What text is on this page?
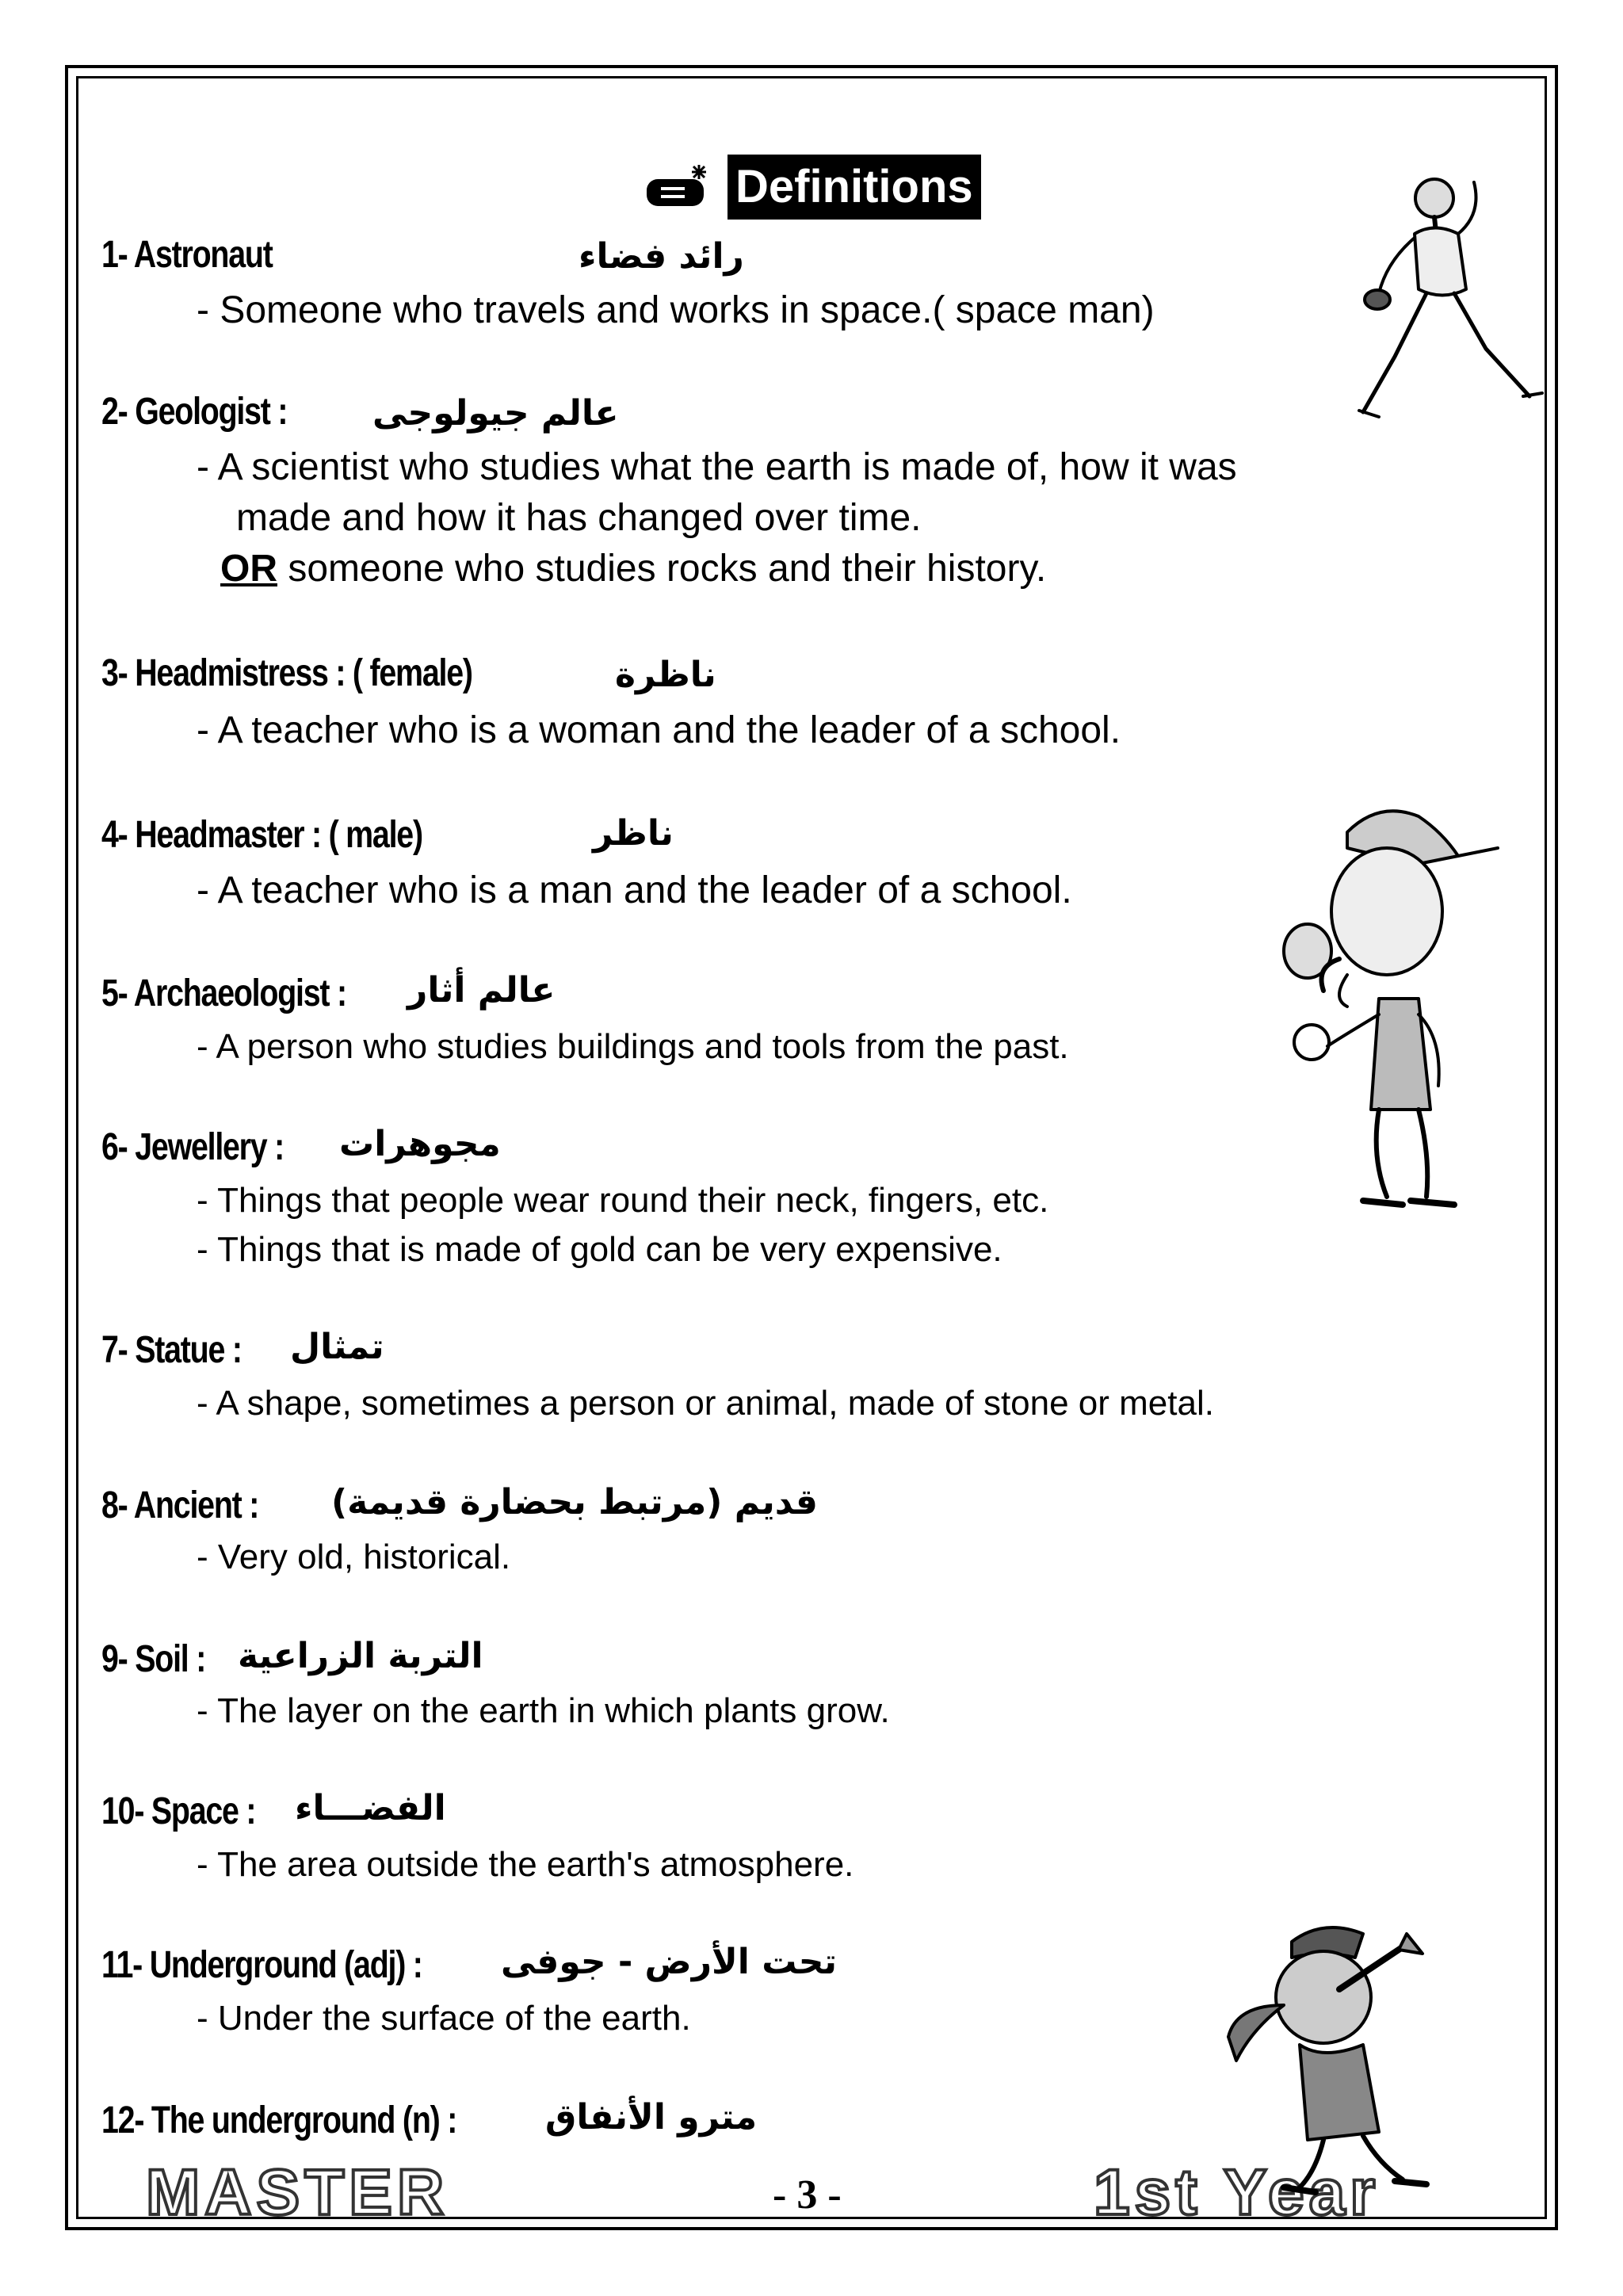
Definitions
1- Astronaut	رائد فضاء
- Someone who travels and works in space.( space man)
2- Geologist : عالم جيولوجى
- A scientist who studies what the earth is made of, how it was
made and how it has changed over time.
OR someone who studies rocks and their history.
3- Headmistress : ( female)	ناظرة
- A teacher who is a woman and the leader of a school.
4- Headmaster : ( male)	ناظر
- A teacher who is a man and the leader of a school.
5- Archaeologist : عالم أثار
- A person who studies buildings and tools from the past.
6- Jewellery : مجوهرات
- Things that people wear round their neck, fingers, etc.
- Things that is made of gold can be very expensive.
7- Statue : تمثال
- A shape, sometimes a person or animal, made of stone or metal.
8- Ancient : قديم (مرتبط بحضارة قديمة)
- Very old, historical.
9- Soil : التربة الزراعية
- The layer on the earth in which plants grow.
10- Space : الفضـــاء
- The area outside the earth's atmosphere.
11- Underground (adj) : تحت الأرض - جوفى
- Under the surface of the earth.
12- The underground (n) :	مترو الأنفاق
MASTER	- 3 -	1st Year
